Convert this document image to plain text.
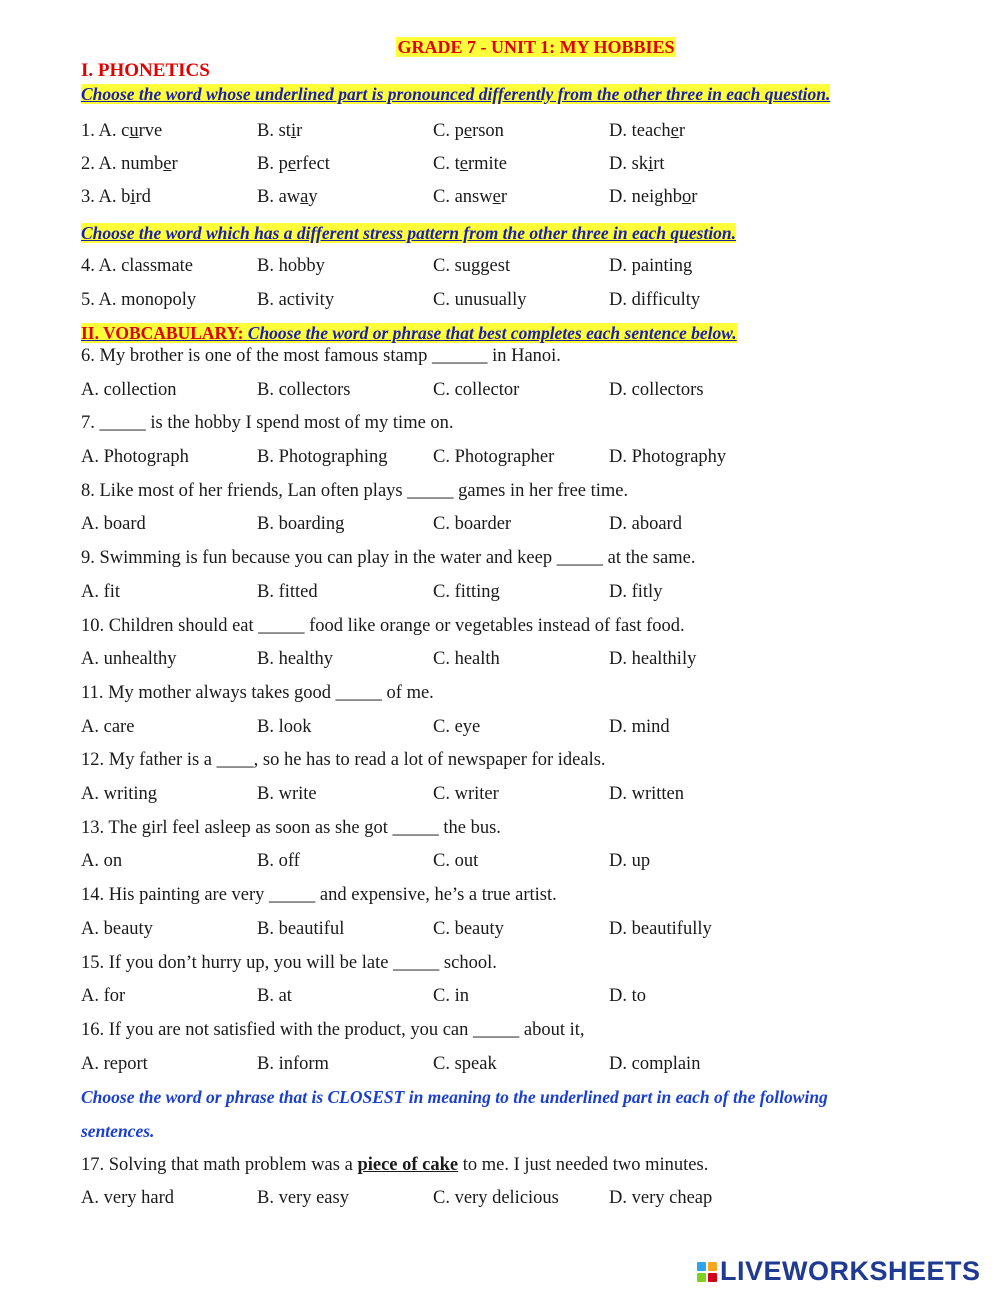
GRADE 7 - UNIT 1: MY HOBBIES
I. PHONETICS
Choose the word whose underlined part is pronounced differently from the other three in each question.
1. A. curve	B. stir	C. person	D. teacher
2. A. number	B. perfect	C. termite	D. skirt
3. A. bird	B. away	C. answer	D. neighbor
Choose the word which has a different stress pattern from the other three in each question.
4. A. classmate	B. hobby	C. suggest	D. painting
5. A. monopoly	B. activity	C. unusually	D. difficulty
II. VOBCABULARY: Choose the word or phrase that best completes each sentence below.
6. My brother is one of the most famous stamp ______ in Hanoi.
A. collection	B. collectors	C. collector	D. collectors
7. _____ is the hobby I spend most of my time on.
A. Photograph	B. Photographing C. Photographer	D. Photography
8. Like most of her friends, Lan often plays _____ games in her free time.
A. board	B. boarding	C. boarder	D. aboard
9. Swimming is fun because you can play in the water and keep _____ at the same.
A. fit	B. fitted	C. fitting	D. fitly
10. Children should eat _____ food like orange or vegetables instead of fast food.
A. unhealthy	B. healthy	C. health	D. healthily
11. My mother always takes good _____ of me.
A. care	B. look	C. eye	D. mind
12. My father is a ____, so he has to read a lot of newspaper for ideals.
A. writing	B. write	C. writer	D. written
13. The girl feel asleep as soon as she got _____ the bus.
A. on	B. off	C. out	D. up
14. His painting are very _____ and expensive, he’s a true artist.
A. beauty	B. beautiful	C. beauty	D. beautifully
15. If you don’t hurry up, you will be late _____ school.
A. for	B. at	C. in	D. to
16. If you are not satisfied with the product, you can _____ about it,
A. report	B. inform	C. speak	D. complain
Choose the word or phrase that is CLOSEST in meaning to the underlined part in each of the following
sentences.
17. Solving that math problem was a piece of cake to me. I just needed two minutes.
A. very hard	B. very easy	C. very delicious	D. very cheap
LIVEWORKSHEETS
